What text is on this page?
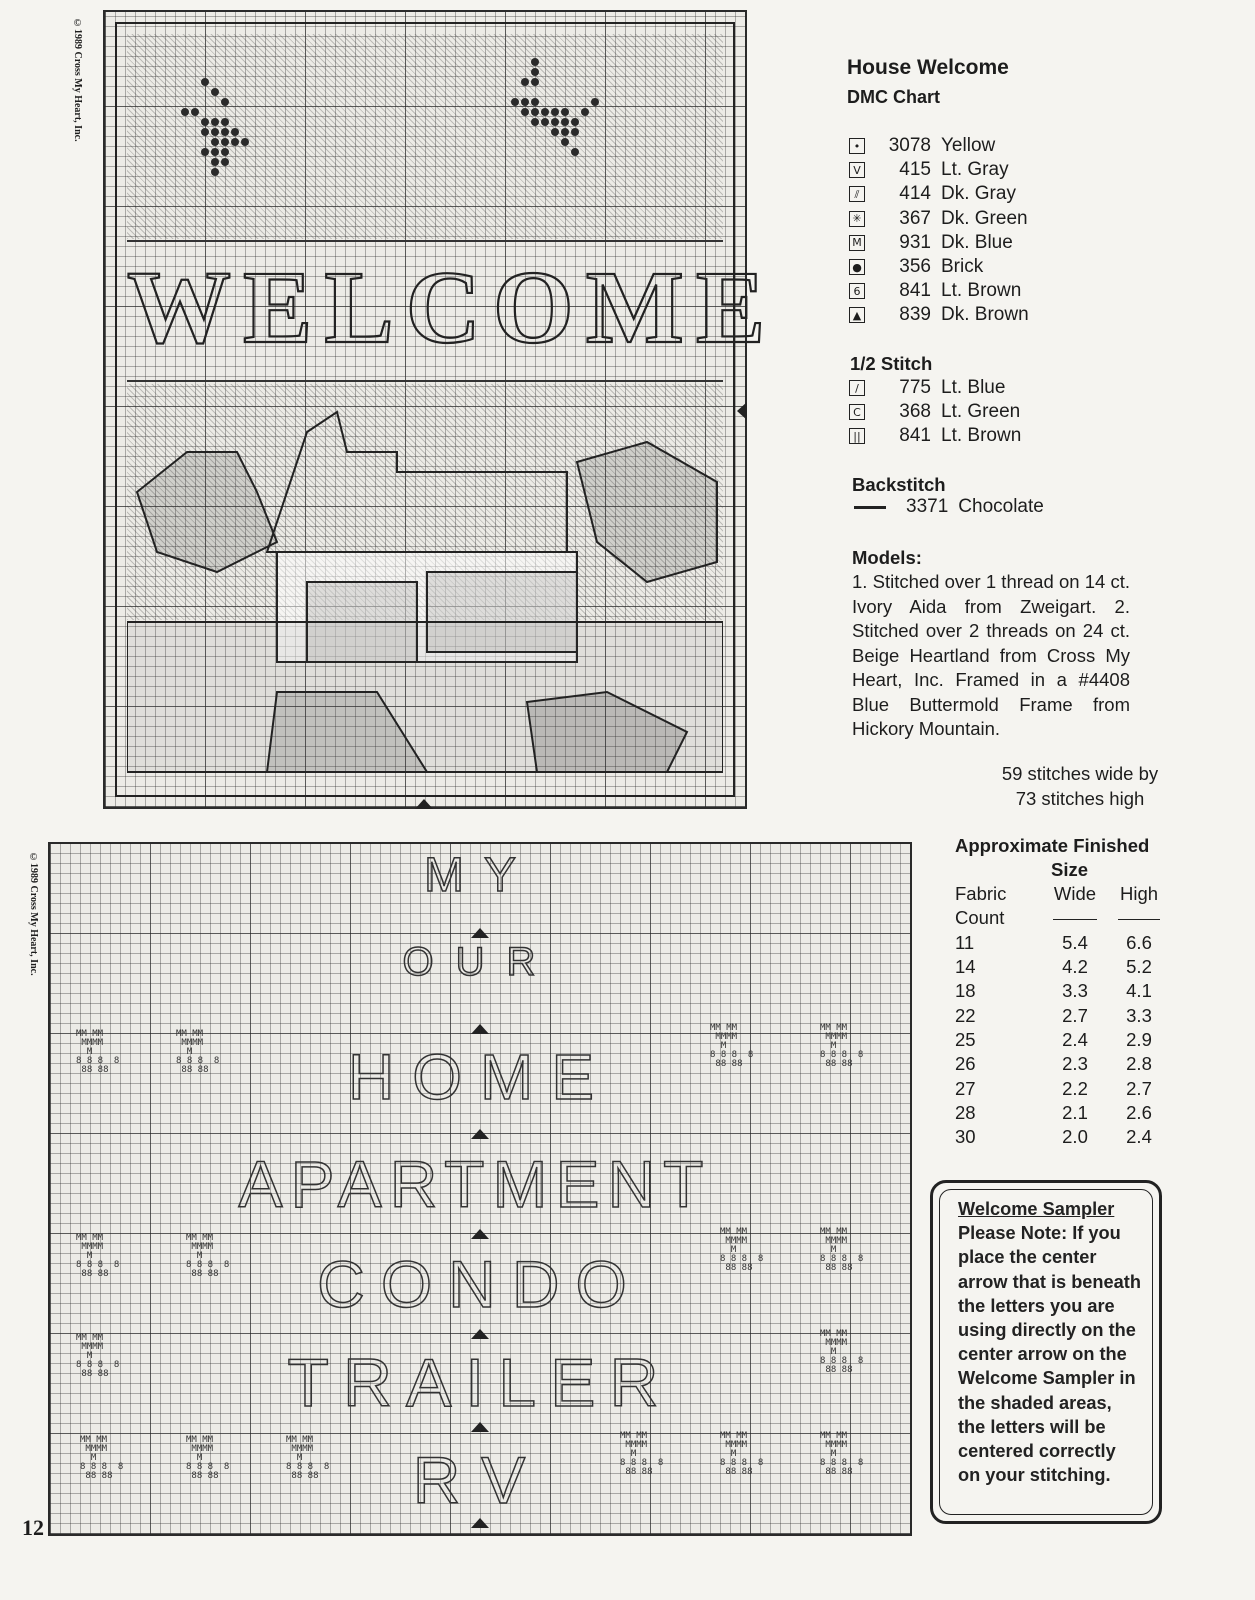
©1989 Cross My Heart, Inc.
WELCOME
House Welcome
DMC Chart
•	3078 Yellow
V	415 Lt. Gray
⫽	414 Dk. Gray
✳	367 Dk. Green
M	931 Dk. Blue
●	356 Brick
6	841 Lt. Brown
▲	839 Dk. Brown
1/2 Stitch
/	775 Lt. Blue
C	368 Lt. Green
||	841 Lt. Brown
Backstitch
3371 Chocolate
Models:
1. Stitched over 1 thread on 14 ct. Ivory Aida from Zweigart. 2. Stitched over 2 threads on 24 ct. Beige Heartland from Cross My Heart, Inc. Framed in a #4408 Blue Buttermold Frame from Hickory Mountain.
59 stitches wide by
73 stitches high
Approximate Finished
Size
Fabric	Wide	High
Count
11	5.4	6.6
14	4.2	5.2
18	3.3	4.1
22	2.7	3.3
25	2.4	2.9
26	2.3	2.8
27	2.2	2.7
28	2.1	2.6
30	2.0	2.4
Welcome Sampler
Please Note: If you place the center arrow that is beneath the letters you are using directly on the center arrow on the Welcome Sampler in the shaded areas, the letters will be centered correctly on your stitching.
©1989 Cross My Heart, Inc.
12
MY
OUR
HOME
APARTMENT
CONDO
TRAILER
RV
MM MM
MMMM
M
8 8 8  8
88 88
MM MM
MMMM
M
8 8 8  8
88 88
MM MM
MMMM
M
8 8 8  8
88 88
MM MM
MMMM
M
8 8 8  8
88 88
MM MM
MMMM
M
8 8 8  8
88 88
MM MM
MMMM
M
8 8 8  8
88 88
MM MM
MMMM
M
8 8 8  8
88 88
MM MM
MMMM
M
8 8 8  8
88 88
MM MM
MMMM
M
8 8 8  8
88 88
MM MM
MMMM
M
8 8 8  8
88 88
MM MM
MMMM
M
8 8 8  8
88 88
MM MM
MMMM
M
8 8 8  8
88 88
MM MM
MMMM
M
8 8 8  8
88 88
MM MM
MMMM
M
8 8 8  8
88 88
MM MM
MMMM
M
8 8 8  8
88 88
MM MM
MMMM
M
8 8 8  8
88 88
